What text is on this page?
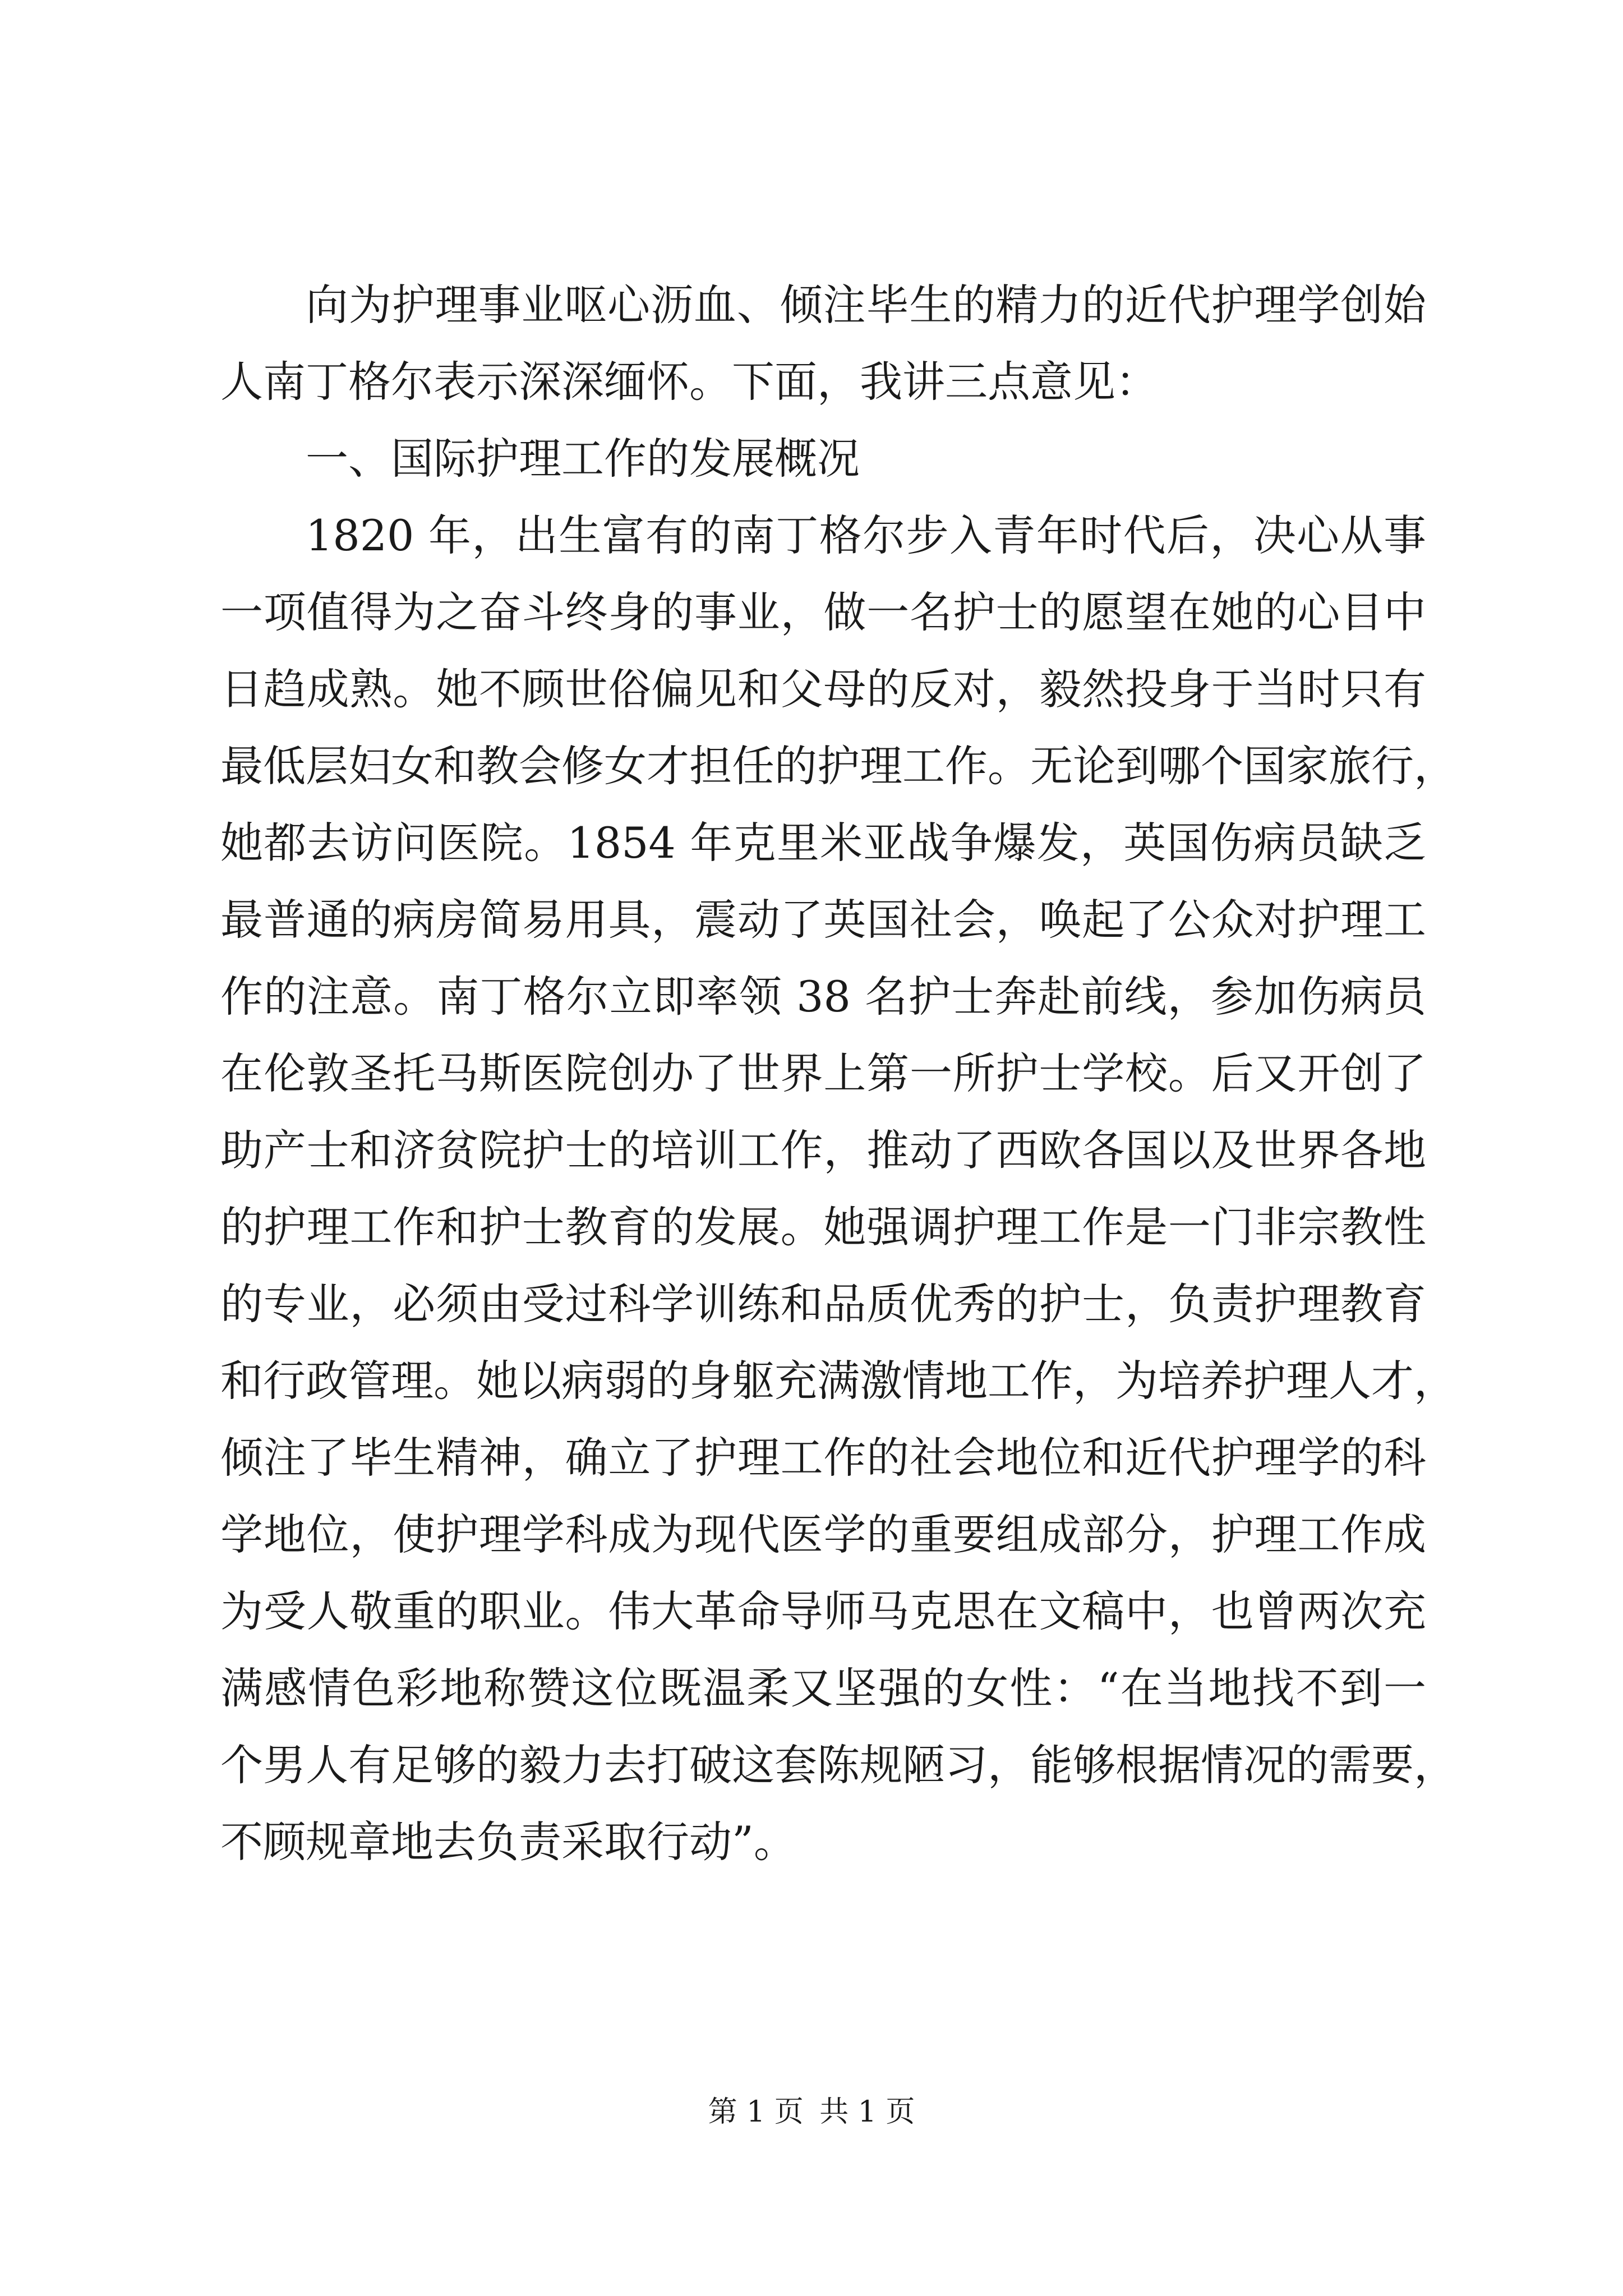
向为护理事业呕心沥血、倾注毕生的精力的近代护理学创始
人南丁格尔表示深深缅怀。下面，我讲三点意见：
一、国际护理工作的发展概况
1820 年，出生富有的南丁格尔步入青年时代后，决心从事
一项值得为之奋斗终身的事业，做一名护士的愿望在她的心目中
日趋成熟。她不顾世俗偏见和父母的反对，毅然投身于当时只有
最低层妇女和教会修女才担任的护理工作。无论到哪个国家旅行，
她都去访问医院。1854 年克里米亚战争爆发，英国伤病员缺乏
最普通的病房简易用具，震动了英国社会，唤起了公众对护理工
作的注意。南丁格尔立即率领 38 名护士奔赴前线，参加伤病员
在伦敦圣托马斯医院创办了世界上第一所护士学校。后又开创了
助产士和济贫院护士的培训工作，推动了西欧各国以及世界各地
的护理工作和护士教育的发展。她强调护理工作是一门非宗教性
的专业，必须由受过科学训练和品质优秀的护士，负责护理教育
和行政管理。她以病弱的身躯充满激情地工作，为培养护理人才，
倾注了毕生精神，确立了护理工作的社会地位和近代护理学的科
学地位，使护理学科成为现代医学的重要组成部分，护理工作成
为受人敬重的职业。伟大革命导师马克思在文稿中，也曾两次充
满感情色彩地称赞这位既温柔又坚强的女性：“在当地找不到一
个男人有足够的毅力去打破这套陈规陋习，能够根据情况的需要，
不顾规章地去负责采取行动”。
第 1 页 共 1 页
